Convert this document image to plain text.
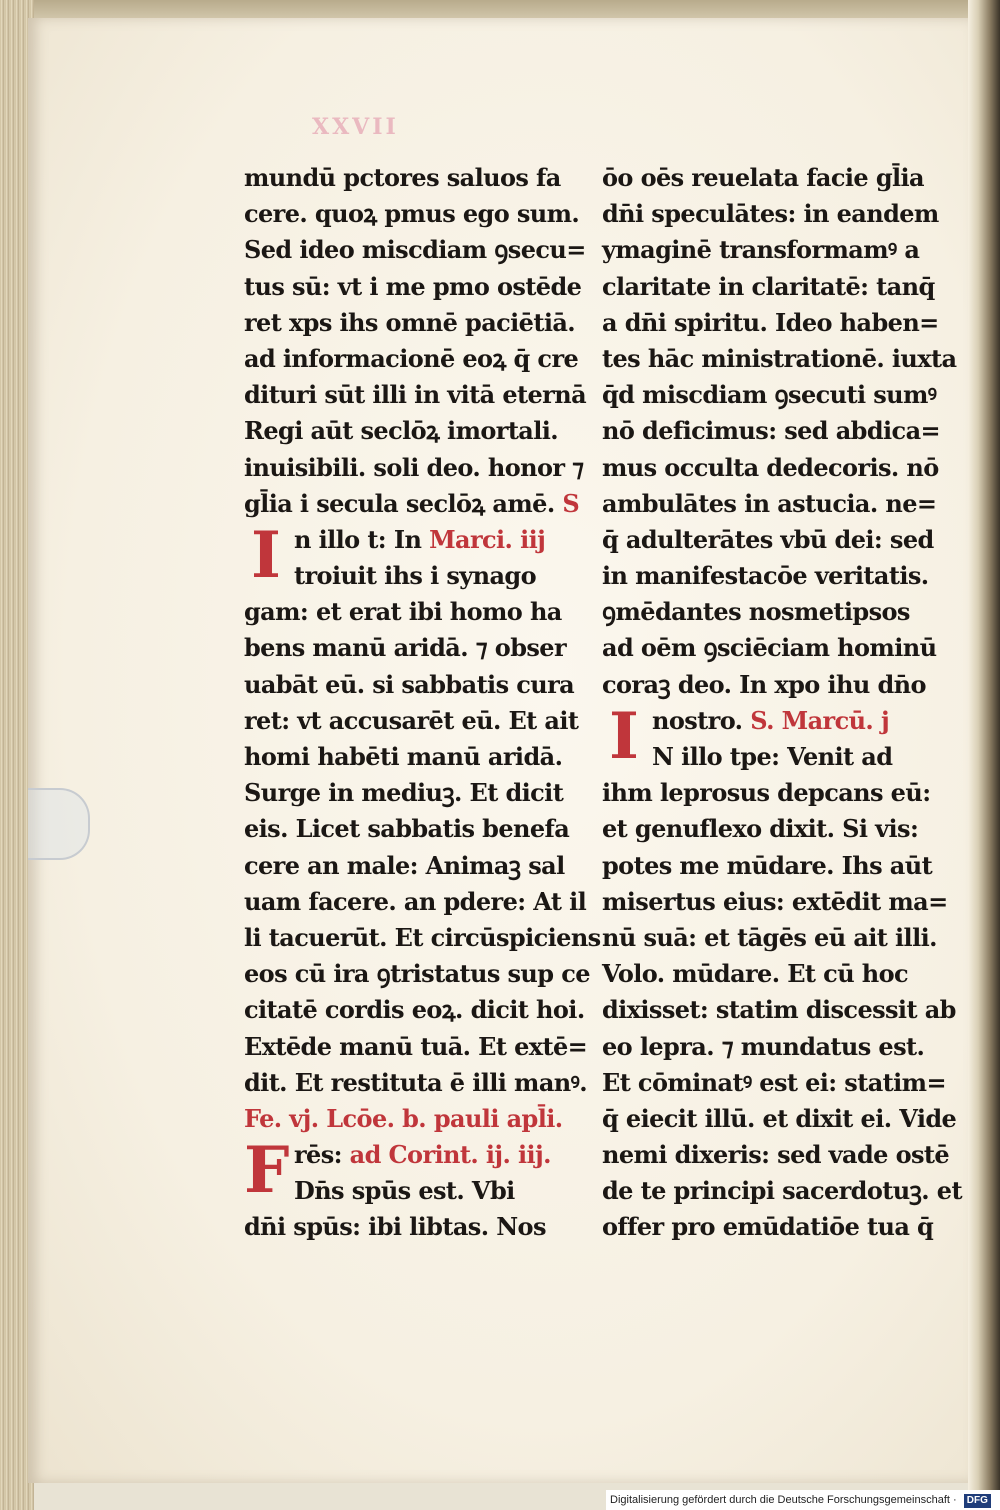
XXVII
mundū pctores saluos fa
cere. quoꝝ pmus ego sum.
Sed ideo miscdiam ꝯsecu=
tus sū: vt i me pmo ostēde
ret xps ihs omnē paciētiā.
ad informacionē eoꝝ q̄ cre
dituri sūt illi in vitā eternā
Regi aūt seclōꝝ imortali.
inuisibili. soli deo. honor ⁊
gl̄ia i secula seclōꝝ amē. S
I n illo t: In Marci. iij
troiuit ihs i synago
gam: et erat ibi homo ha
bens manū aridā. ⁊ obser
uabāt eū. si sabbatis cura
ret: vt accusarēt eū. Et ait
homi habēti manū aridā.
Surge in mediuꝫ. Et dicit
eis. Licet sabbatis benefa
cere an male: Animaꝫ sal
uam facere. an pdere: At il
li tacuerūt. Et circūspiciens
eos cū ira ꝯtristatus sup ce
citatē cordis eoꝝ. dicit hoi.
Extēde manū tuā. Et extē=
dit. Et restituta ē illi manꝰ.
Fe. vj. Lcōe. b. pauli apl̄i.
F rēs: ad Corint. ij. iij.
Dn̄s spūs est. Vbi
dn̄i spūs: ibi libtas. Nos
ōo oēs reuelata facie gl̄ia
dn̄i speculātes: in eandem
ymaginē transformamꝰ a
claritate in claritatē: tanq̄
a dn̄i spiritu. Ideo haben=
tes hāc ministrationē. iuxta
q̄d miscdiam ꝯsecuti sumꝰ
nō deficimus: sed abdica=
mus occulta dedecoris. nō
ambulātes in astucia. ne=
q̄ adulterātes vbū dei: sed
in manifestacōe veritatis.
ꝯmēdantes nosmetipsos
ad oēm ꝯsciēciam hominū
coraꝫ deo. In xpo ihu dn̄o
I nostro. S. Marcū. j
N illo tpe: Venit ad
ihm leprosus depcans eū:
et genuflexo dixit. Si vis:
potes me mūdare. Ihs aūt
misertus eius: extēdit ma=
nū suā: et tāgēs eū ait illi.
Volo. mūdare. Et cū hoc
dixisset: statim discessit ab
eo lepra. ⁊ mundatus est.
Et cōminatꝰ est ei: statim=
q̄ eiecit illū. et dixit ei. Vide
nemi dixeris: sed vade ostē
de te principi sacerdotuꝫ. et
offer pro emūdatiōe tua q̄
Digitalisierung gefördert durch die Deutsche Forschungsgemeinschaft · DFG
